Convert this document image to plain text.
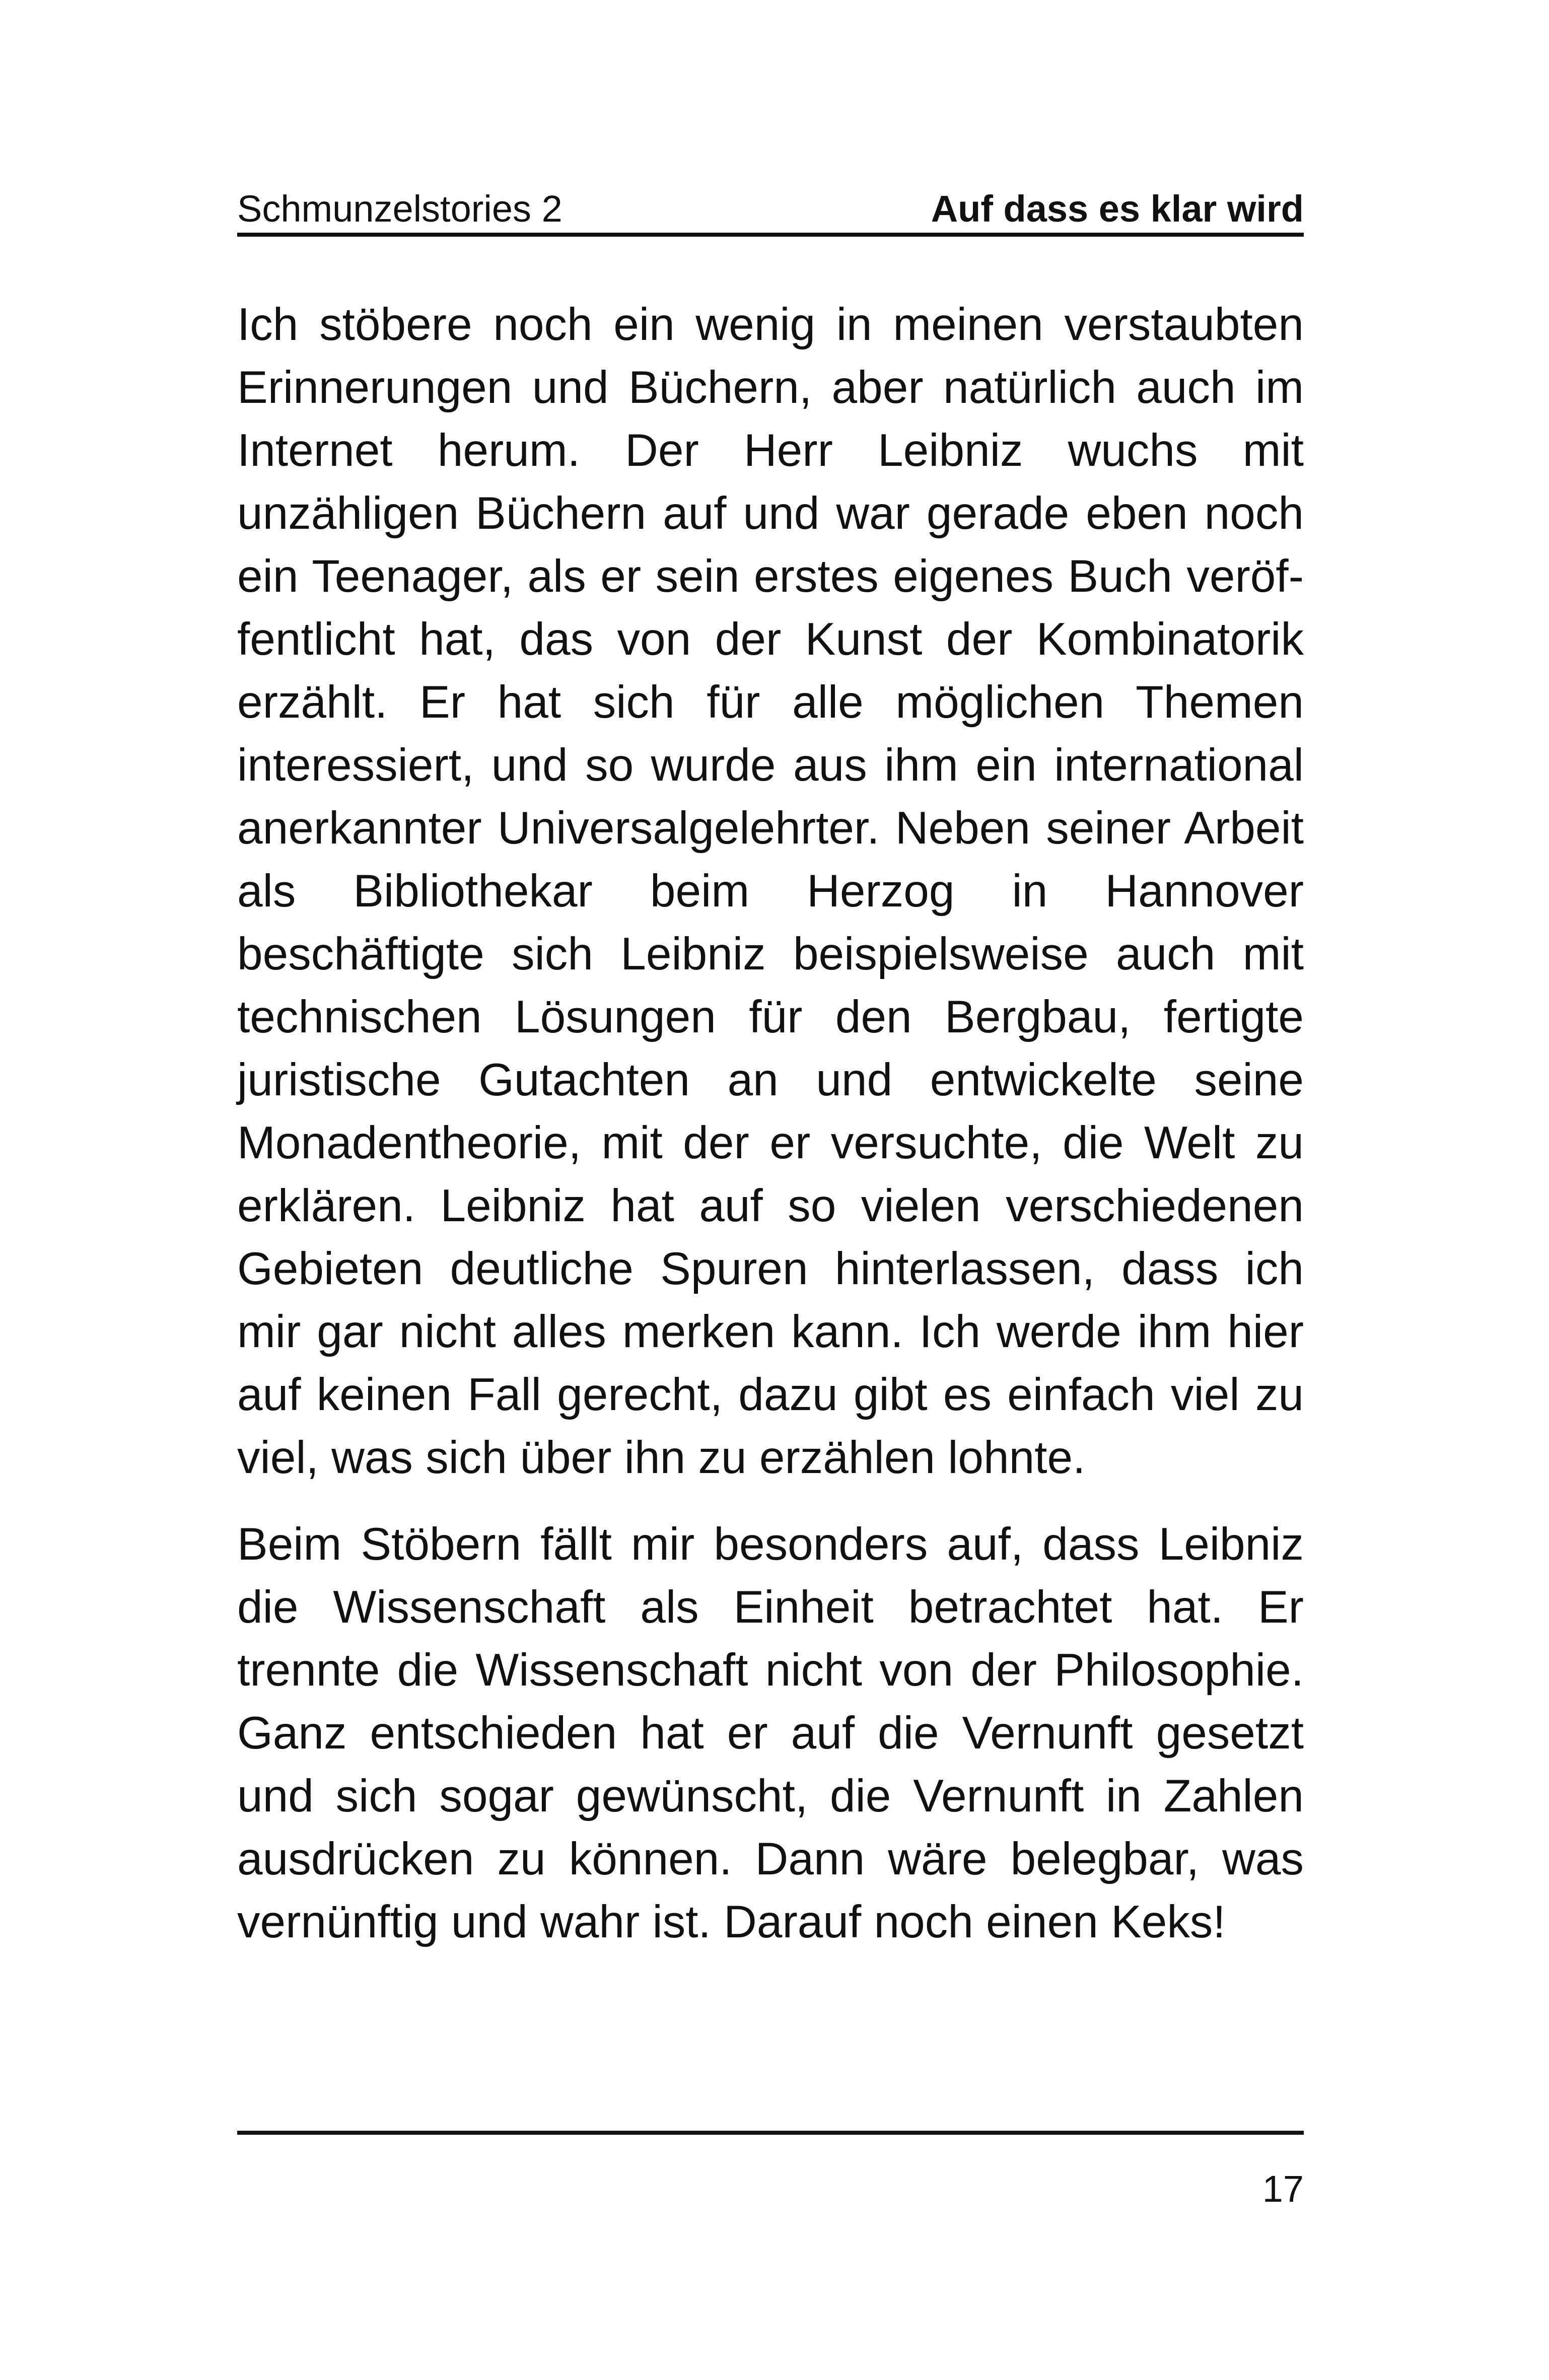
Schmunzelstories 2	Auf dass es klar wird

Ich stöbere noch ein wenig in meinen verstaubten Erinnerungen und Büchern, aber natürlich auch im Internet herum. Der Herr Leibniz wuchs mit unzähligen Büchern auf und war gerade eben noch ein Teenager, als er sein erstes eigenes Buch veröffentlicht hat, das von der Kunst der Kombinatorik erzählt. Er hat sich für alle möglichen Themen interessiert, und so wurde aus ihm ein international anerkannter Universalgelehrter. Neben seiner Arbeit als Bibliothekar beim Herzog in Hannover beschäftigte sich Leibniz beispielsweise auch mit technischen Lösungen für den Bergbau, fertigte juristische Gutachten an und entwickelte seine Monadentheorie, mit der er versuchte, die Welt zu erklären. Leibniz hat auf so vielen verschiedenen Gebieten deutliche Spuren hinterlassen, dass ich mir gar nicht alles merken kann. Ich werde ihm hier auf keinen Fall gerecht, dazu gibt es einfach viel zu viel, was sich über ihn zu erzählen lohnte.

Beim Stöbern fällt mir besonders auf, dass Leibniz die Wissenschaft als Einheit betrachtet hat. Er trennte die Wissenschaft nicht von der Philosophie. Ganz entschieden hat er auf die Vernunft gesetzt und sich sogar gewünscht, die Vernunft in Zahlen ausdrücken zu können. Dann wäre belegbar, was vernünftig und wahr ist. Darauf noch einen Keks!

17
